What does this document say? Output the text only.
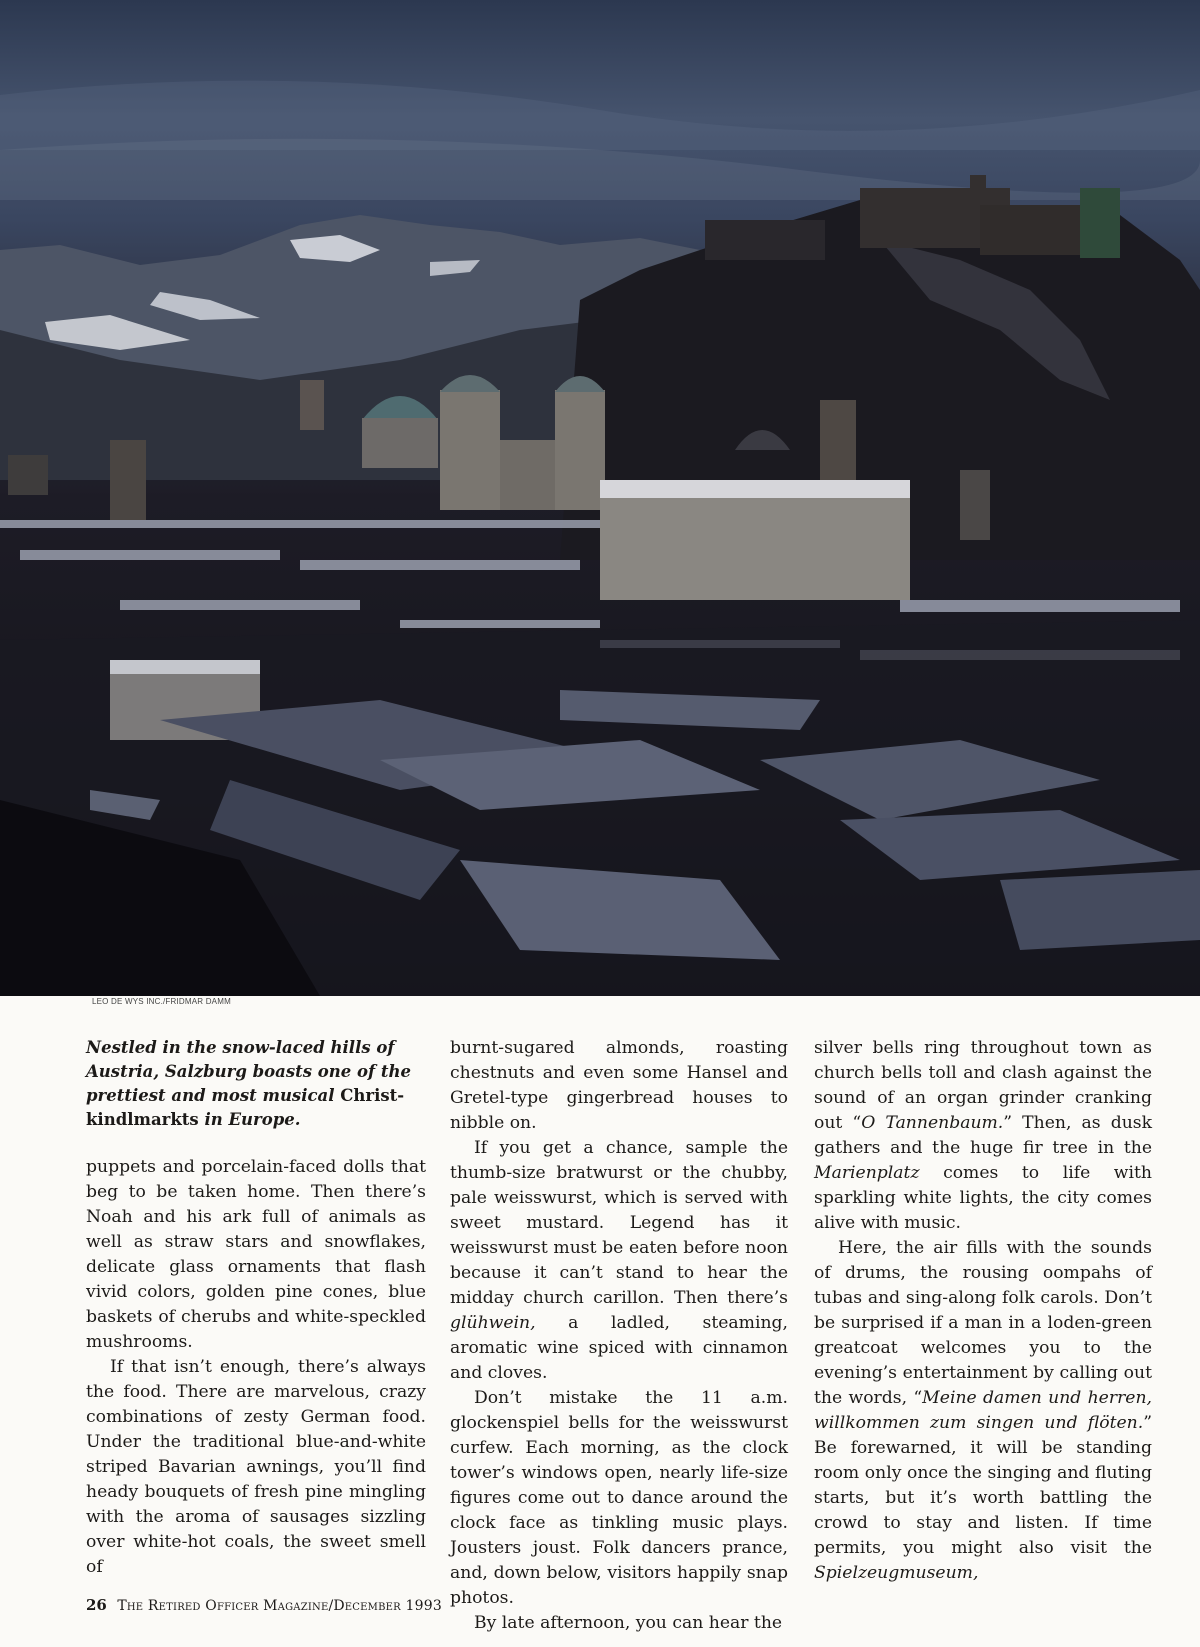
LEO DE WYS INC./FRIDMAR DAMM
Nestled in the snow-laced hills of Austria, Salzburg boasts one of the prettiest and most musical Christ-kindlmarkts in Europe.

puppets and porcelain-faced dolls that beg to be taken home. Then there’s Noah and his ark full of animals as well as straw stars and snowflakes, delicate glass ornaments that flash vivid colors, golden pine cones, blue baskets of cherubs and white-speckled mushrooms.

If that isn’t enough, there’s always the food. There are marvelous, crazy combinations of zesty German food. Under the traditional blue-and-white striped Bavarian awnings, you’ll find heady bouquets of fresh pine mingling with the aroma of sausages sizzling over white-hot coals, the sweet smell of

burnt-sugared almonds, roasting chestnuts and even some Hansel and Gretel-type gingerbread houses to nibble on.

If you get a chance, sample the thumb-size bratwurst or the chubby, pale weisswurst, which is served with sweet mustard. Legend has it weisswurst must be eaten before noon because it can’t stand to hear the midday church carillon. Then there’s glühwein, a ladled, steaming, aromatic wine spiced with cinnamon and cloves.

Don’t mistake the 11 a.m. glockenspiel bells for the weisswurst curfew. Each morning, as the clock tower’s windows open, nearly life-size figures come out to dance around the clock face as tinkling music plays. Jousters joust. Folk dancers prance, and, down below, visitors happily snap photos.

By late afternoon, you can hear the

silver bells ring throughout town as church bells toll and clash against the sound of an organ grinder cranking out “O Tannenbaum.” Then, as dusk gathers and the huge fir tree in the Marienplatz comes to life with sparkling white lights, the city comes alive with music.

Here, the air fills with the sounds of drums, the rousing oompahs of tubas and sing-along folk carols. Don’t be surprised if a man in a loden-green greatcoat welcomes you to the evening’s entertainment by calling out the words, “Meine damen und herren, willkommen zum singen und flöten.” Be forewarned, it will be standing room only once the singing and fluting starts, but it’s worth battling the crowd to stay and listen. If time permits, you might also visit the Spielzeugmuseum,

26 The Retired Officer Magazine/December 1993
